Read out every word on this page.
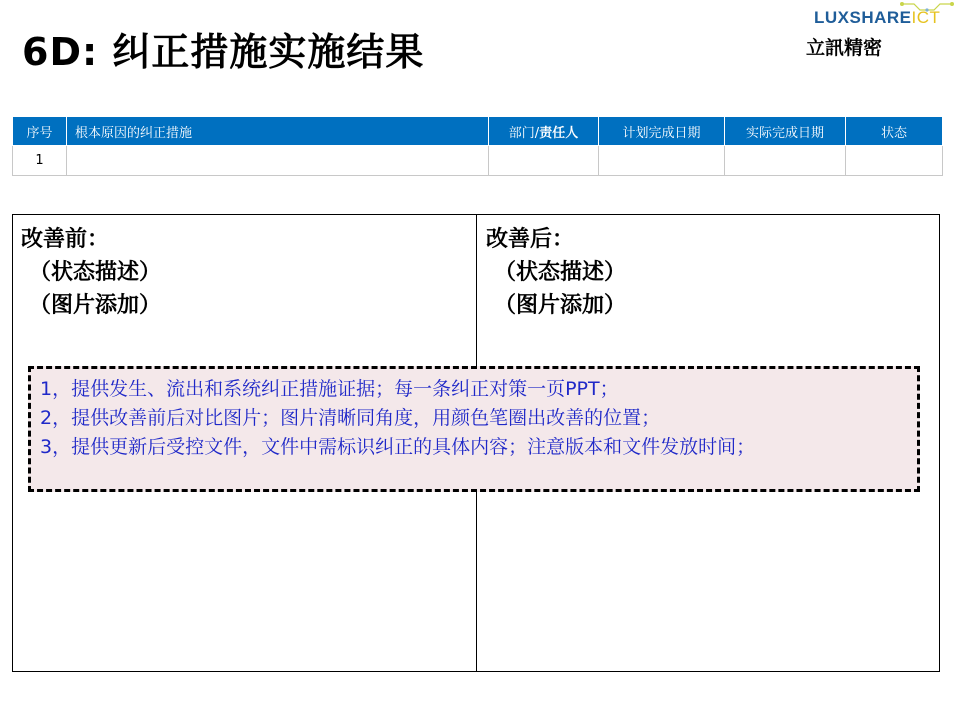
6D: 纠正措施实施结果
LUXSHAREICT
立訊精密
序号	根本原因的纠正措施	部门/责任人	计划完成日期	实际完成日期	状态
1					
改善前：
（状态描述）
（图片添加）
改善后：
（状态描述）
（图片添加）
1，提供发生、流出和系统纠正措施证据；每一条纠正对策一页PPT；
2，提供改善前后对比图片；图片清晰同角度，用颜色笔圈出改善的位置；
3，提供更新后受控文件，文件中需标识纠正的具体内容；注意版本和文件发放时间；
